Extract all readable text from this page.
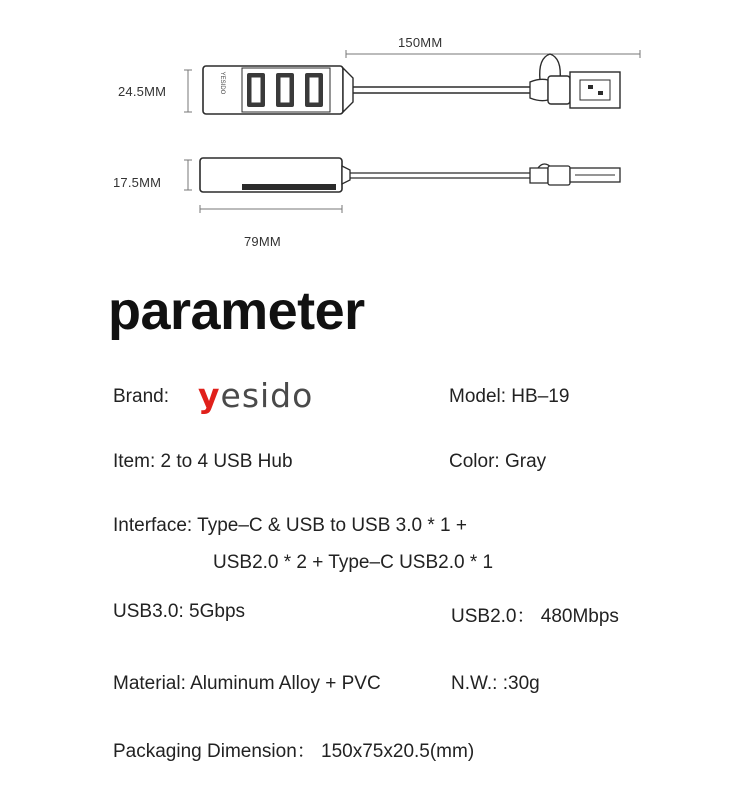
150MM
24.5MM
17.5MM
79MM
YESIDO
parameter
Brand: yesido	Model: HB–19
Item: 2 to 4 USB Hub	Color: Gray
Interface: Type–C & USB to USB 3.0 * 1 +
USB2.0 * 2 + Type–C USB2.0 * 1
USB3.0: 5Gbps	USB2.0： 480Mbps
Material: Aluminum Alloy + PVC	N.W.: :30g
Packaging Dimension： 150x75x20.5(mm)
